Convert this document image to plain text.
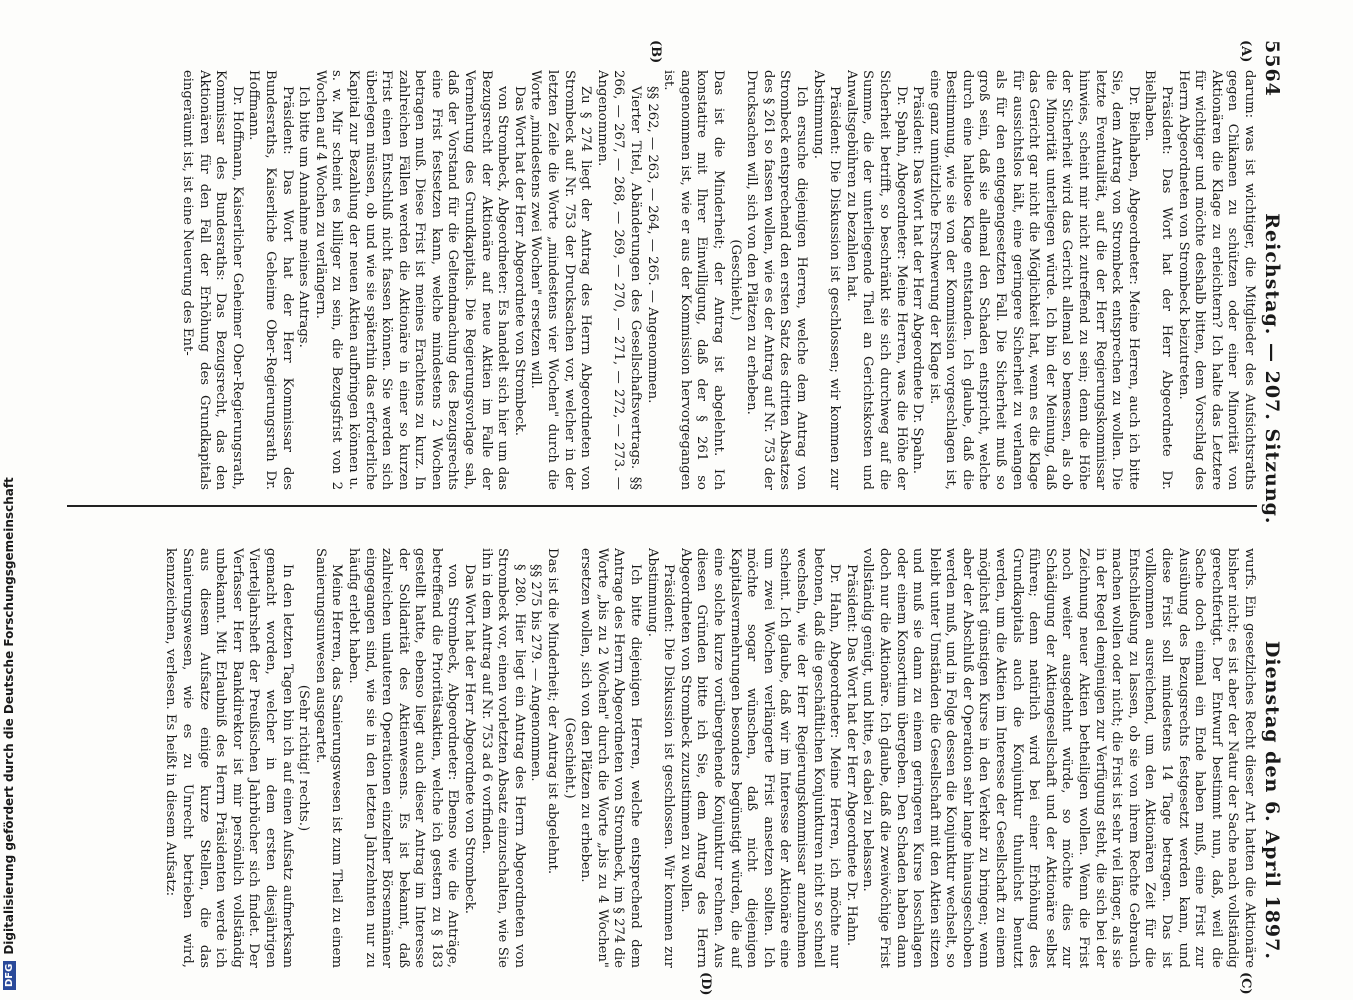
5564
Reichstag. — 207. Sitzung.
Dienstag den 6. April 1897.
(A)
(B)
(C)
(D)

darum: was ist wichtiger, die Mitglieder des Aufsichtsraths gegen Chikanen zu schützen oder einer Minorität von Aktionären die Klage zu erleichtern? Ich halte das Letztere für wichtiger und möchte deshalb bitten, dem Vorschlag des Herrn Abgeordneten von Strombeck beizutreten.

Präsident: Das Wort hat der Herr Abgeordnete Dr. Bielhaben.

Dr. Bielhaben, Abgeordneter: Meine Herren, auch ich bitte Sie, dem Antrag von Strombeck entsprechen zu wollen. Die letzte Eventualität, auf die der Herr Regierungskommissar hinwies, scheint mir nicht zutreffend zu sein; denn die Höhe der Sicherheit wird das Gericht allemal so bemessen, als ob die Minorität unterliegen würde. Ich bin der Meinung, daß das Gericht gar nicht die Möglichkeit hat, wenn es die Klage für aussichtslos hält, eine geringere Sicherheit zu verlangen als für den entgegengesetzten Fall. Die Sicherheit muß so groß sein, daß sie allemal den Schaden entspricht, welche durch eine haltlose Klage entstanden. Ich glaube, daß die Bestimmung, wie sie von der Kommission vorgeschlagen ist, eine ganz unnützliche Erschwerung der Klage ist.

Präsident: Das Wort hat der Herr Abgeordnete Dr. Spahn.

Dr. Spahn, Abgeordneter: Meine Herren, was die Höhe der Sicherheit betrifft, so beschränkt sie sich durchweg auf die Summe, die der unterliegende Theil an Gerichtskosten und Anwaltsgebühren zu bezahlen hat.

Präsident: Die Diskussion ist geschlossen; wir kommen zur Abstimmung.

Ich ersuche diejenigen Herren, welche dem Antrag von Strombeck entsprechend den ersten Satz des dritten Absatzes des § 261 so fassen wollen, wie es der Antrag auf Nr. 753 der Drucksachen will, sich von den Plätzen zu erheben.

(Geschieht.)

Das ist die Minderheit; der Antrag ist abgelehnt. Ich konstatire mit Ihrer Einwilligung, daß der § 261 so angenommen ist, wie er aus der Kommission hervorgegangen ist.

§§ 262, — 263, — 264, — 265. — Angenommen.

Vierter Titel, Abänderungen des Gesellschaftsvertrags. §§ 266, — 267, — 268, — 269, — 270, — 271, — 272, — 273. — Angenommen.

Zu § 274 liegt der Antrag des Herrn Abgeordneten von Strombeck auf Nr. 753 der Drucksachen vor, welcher in der letzten Zeile die Worte „mindestens vier Wochen" durch die Worte „mindestens zwei Wochen" ersetzen will.

Das Wort hat der Herr Abgeordnete von Strombeck.

von Strombeck, Abgeordneter: Es handelt sich hier um das Bezugsrecht der Aktionäre auf neue Aktien im Falle der Vermehrung des Grundkapitals. Die Regierungsvorlage sah, daß der Vorstand für die Geltendmachung des Bezugsrechts eine Frist festsetzen kann, welche mindestens 2 Wochen betragen muß. Diese Frist ist meines Erachtens zu kurz. In zahlreichen Fällen werden die Aktionäre in einer so kurzen Frist einen Entschluß nicht fassen können. Sie werden sich überlegen müssen, ob und wie sie späterhin das erforderliche Kapital zur Bezahlung der neuen Aktien aufbringen können u. s. w. Mir scheint es billiger zu sein, die Bezugsfrist von 2 Wochen auf 4 Wochen zu verlängern.

Ich bitte um Annahme meines Antrags.

Präsident: Das Wort hat der Herr Kommissar des Bundesraths, Kaiserliche Geheime Ober-Regierungsrath Dr. Hoffmann.

Dr. Hoffmann, Kaiserlicher Geheimer Ober-Regierungsrath, Kommissar des Bundesraths: Das Bezugsrecht, das den Aktionären für den Fall der Erhöhung des Grundkapitals eingeräumt ist, ist eine Neuerung des Ent-

wurfs. Ein gesetzliches Recht dieser Art hatten die Aktionäre bisher nicht; es ist aber der Natur der Sache nach vollständig gerechtfertigt. Der Entwurf bestimmt nun, daß, weil die Sache doch einmal ein Ende haben muß, eine Frist zur Ausübung des Bezugsrechts festgesetzt werden kann, und diese Frist soll mindestens 14 Tage betragen. Das ist vollkommen ausreichend, um den Aktionären Zeit für die Entschließung zu lassen, ob sie von ihrem Rechte Gebrauch machen wollen oder nicht; die Frist ist sehr viel länger, als sie in der Regel demjenigen zur Verfügung steht, die sich bei der Zeichnung neuer Aktien betheiligen wollen. Wenn die Frist noch weiter ausgedehnt würde, so möchte dies zur Schädigung der Aktiengesellschaft und der Aktionäre selbst führen; denn natürlich wird bei einer Erhöhung des Grundkapitals auch die Konjunktur thunlichst benutzt werden, um die Aktien im Interesse der Gesellschaft zu einem möglichst günstigen Kurse in den Verkehr zu bringen; wenn aber der Abschluß der Operation sehr lange hinausgeschoben werden muß, und in Folge dessen die Konjunktur wechselt, so bleibt unter Umständen die Gesellschaft mit den Aktien sitzen und muß sie dann zu einem geringeren Kurse losschlagen oder einem Konsortium übergeben. Den Schaden haben dann doch nur die Aktionäre. Ich glaube, daß die zweiwöchige Frist vollständig genügt, und bitte, es dabei zu belassen.

Präsident: Das Wort hat der Herr Abgeordnete Dr. Hahn.

Dr. Hahn, Abgeordneter: Meine Herren, ich möchte nur betonen, daß die geschäftlichen Konjunkturen nicht so schnell wechseln, wie der Herr Regierungskommissar anzunehmen scheint. Ich glaube, daß wir im Interesse der Aktionäre eine um zwei Wochen verlängerte Frist ansetzen sollten. Ich möchte sogar wünschen, daß nicht diejenigen Kapitalsvermehrungen besonders begünstigt würden, die auf eine solche kurze vorübergehende Konjunktur rechnen. Aus diesen Gründen bitte ich Sie, dem Antrag des Herrn Abgeordneten von Strombeck zuzustimmen zu wollen.

Präsident: Die Diskussion ist geschlossen. Wir kommen zur Abstimmung.

Ich bitte diejenigen Herren, welche entsprechend dem Antrage des Herrn Abgeordneten von Strombeck, im § 274 die Worte „bis zu 2 Wochen" durch die Worte „bis zu 4 Wochen" ersetzen wollen, sich von den Plätzen zu erheben.

(Geschieht.)

Das ist die Minderheit; der Antrag ist abgelehnt.

§§ 275 bis 279. — Angenommen.

§ 280. Hier liegt ein Antrag des Herrn Abgeordneten von Strombeck vor, einen vorletzten Absatz einzuschalten, wie Sie ihn in dem Antrag auf Nr. 753 ad 6 vorfinden.

Das Wort hat der Herr Abgeordnete von Strombeck.

von Strombeck, Abgeordneter: Ebenso wie die Anträge, betreffend die Prioritätsaktien, welche ich gestern zu § 183 gestellt hatte, ebenso liegt auch dieser Antrag im Interesse der Solidarität des Aktienwesens. Es ist bekannt, daß zahlreichen unlauteren Operationen einzelner Börsenmänner eingegangen sind, wie sie in den letzten Jahrzehnten nur zu häufig erlebt haben.

Meine Herren, das Sanierungswesen ist zum Theil zu einem Sanierungsunwesen ausgeartet.

(Sehr richtig! rechts.)

In den letzten Tagen bin ich auf einen Aufsatz aufmerksam gemacht worden, welcher in dem ersten diesjährigen Vierteljahrsheft der Preußischen Jahrbücher sich findet. Der Verfasser Herr Bankdirektor ist mir persönlich vollständig unbekannt. Mit Erlaubniß des Herrn Präsidenten werde ich aus diesem Aufsatze einige kurze Stellen, die das Sanierungswesen, wie es zu Unrecht betrieben wird, kennzeichnen, verlesen. Es heißt in diesem Aufsatz:

DFG
Digitalisierung gefördert durch die Deutsche Forschungsgemeinschaft
